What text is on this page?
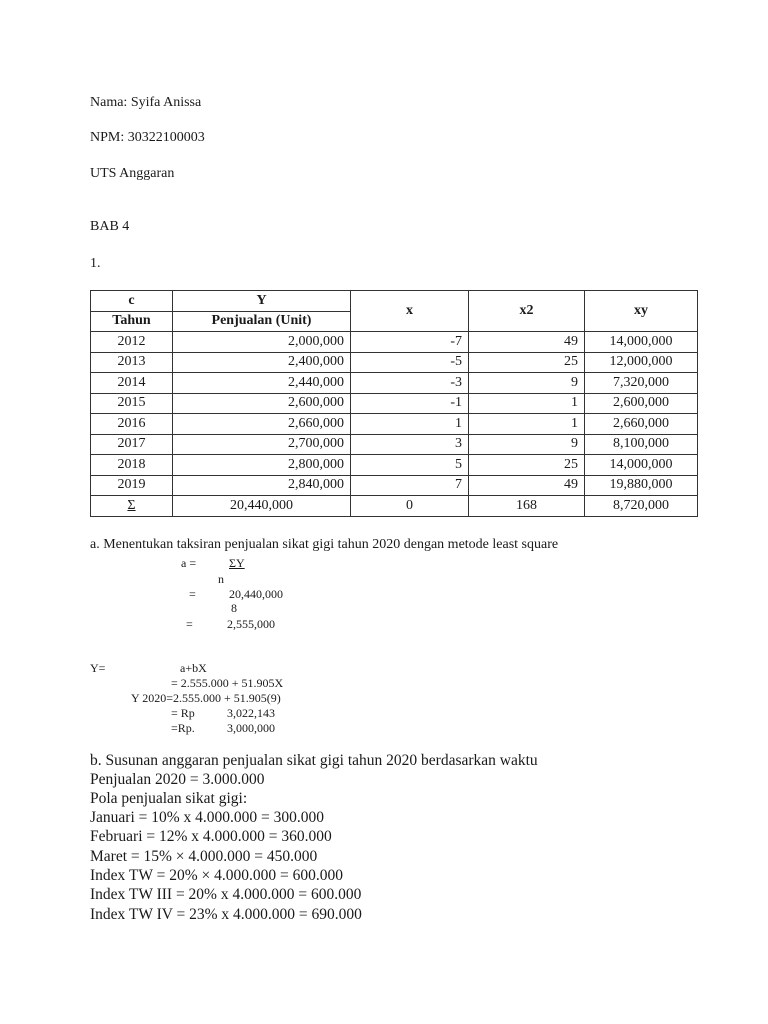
Nama: Syifa Anissa
NPM: 30322100003
UTS Anggaran
BAB 4
1.
c	Y	x	x2	xy
Tahun	Penjualan (Unit)			
2012	2,000,000	-7	49	14,000,000
2013	2,400,000	-5	25	12,000,000
2014	2,440,000	-3	9	7,320,000
2015	2,600,000	-1	1	2,600,000
2016	2,660,000	1	1	2,660,000
2017	2,700,000	3	9	8,100,000
2018	2,800,000	5	25	14,000,000
2019	2,840,000	7	49	19,880,000
Σ	20,440,000	0	168	8,720,000
a. Menentukan taksiran penjualan sikat gigi tahun 2020 dengan metode least square
a =	ΣY
n
=	20,440,000
8
=	2,555,000
Y=	a+bX
= 2.555.000 + 51.905X
Y 2020=2.555.000 + 51.905(9)
= Rp	3,022,143
=Rp.	3,000,000
b. Susunan anggaran penjualan sikat gigi tahun 2020 berdasarkan waktu
Penjualan 2020 = 3.000.000
Pola penjualan sikat gigi:
Januari = 10% x 4.000.000 = 300.000
Februari = 12% x 4.000.000 = 360.000
Maret = 15% × 4.000.000 = 450.000
Index TW = 20% × 4.000.000 = 600.000
Index TW III = 20% x 4.000.000 = 600.000
Index TW IV = 23% x 4.000.000 = 690.000
